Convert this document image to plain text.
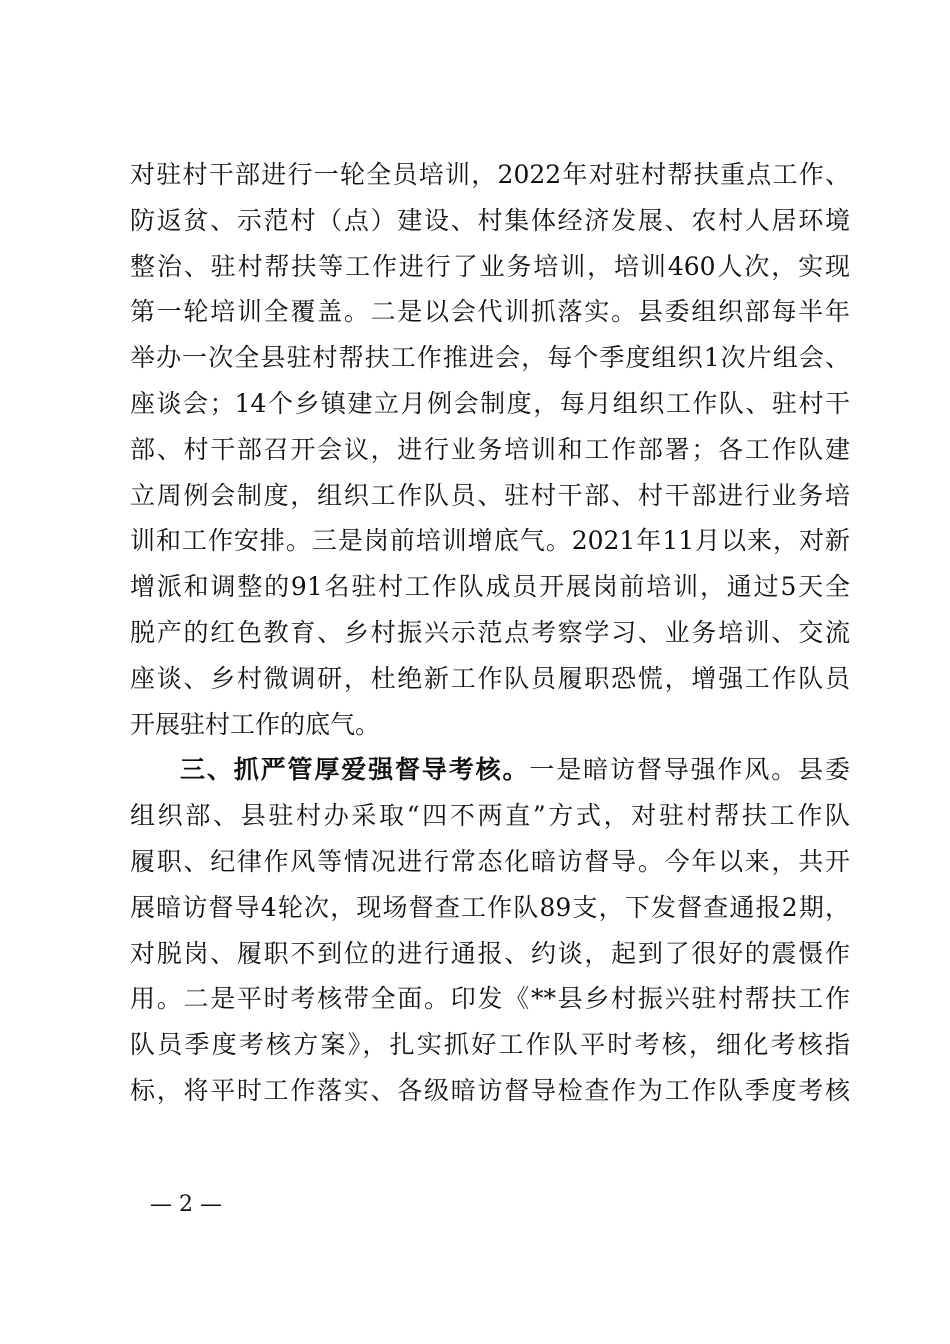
对驻村干部进行一轮全员培训，2022年对驻村帮扶重点工作、
防返贫、示范村（点）建设、村集体经济发展、农村人居环境
整治、驻村帮扶等工作进行了业务培训，培训460人次，实现
第一轮培训全覆盖。二是以会代训抓落实。县委组织部每半年
举办一次全县驻村帮扶工作推进会，每个季度组织1次片组会、
座谈会；14个乡镇建立月例会制度，每月组织工作队、驻村干
部、村干部召开会议，进行业务培训和工作部署；各工作队建
立周例会制度，组织工作队员、驻村干部、村干部进行业务培
训和工作安排。三是岗前培训增底气。2021年11月以来，对新
增派和调整的91名驻村工作队成员开展岗前培训，通过5天全
脱产的红色教育、乡村振兴示范点考察学习、业务培训、交流
座谈、乡村微调研，杜绝新工作队员履职恐慌，增强工作队员
开展驻村工作的底气。
三、抓严管厚爱强督导考核。一是暗访督导强作风。县委
组织部、县驻村办采取“四不两直”方式，对驻村帮扶工作队
履职、纪律作风等情况进行常态化暗访督导。今年以来，共开
展暗访督导4轮次，现场督查工作队89支，下发督查通报2期，
对脱岗、履职不到位的进行通报、约谈，起到了很好的震慑作
用。二是平时考核带全面。印发《**县乡村振兴驻村帮扶工作
队员季度考核方案》，扎实抓好工作队平时考核，细化考核指
标，将平时工作落实、各级暗访督导检查作为工作队季度考核
— 2 —
